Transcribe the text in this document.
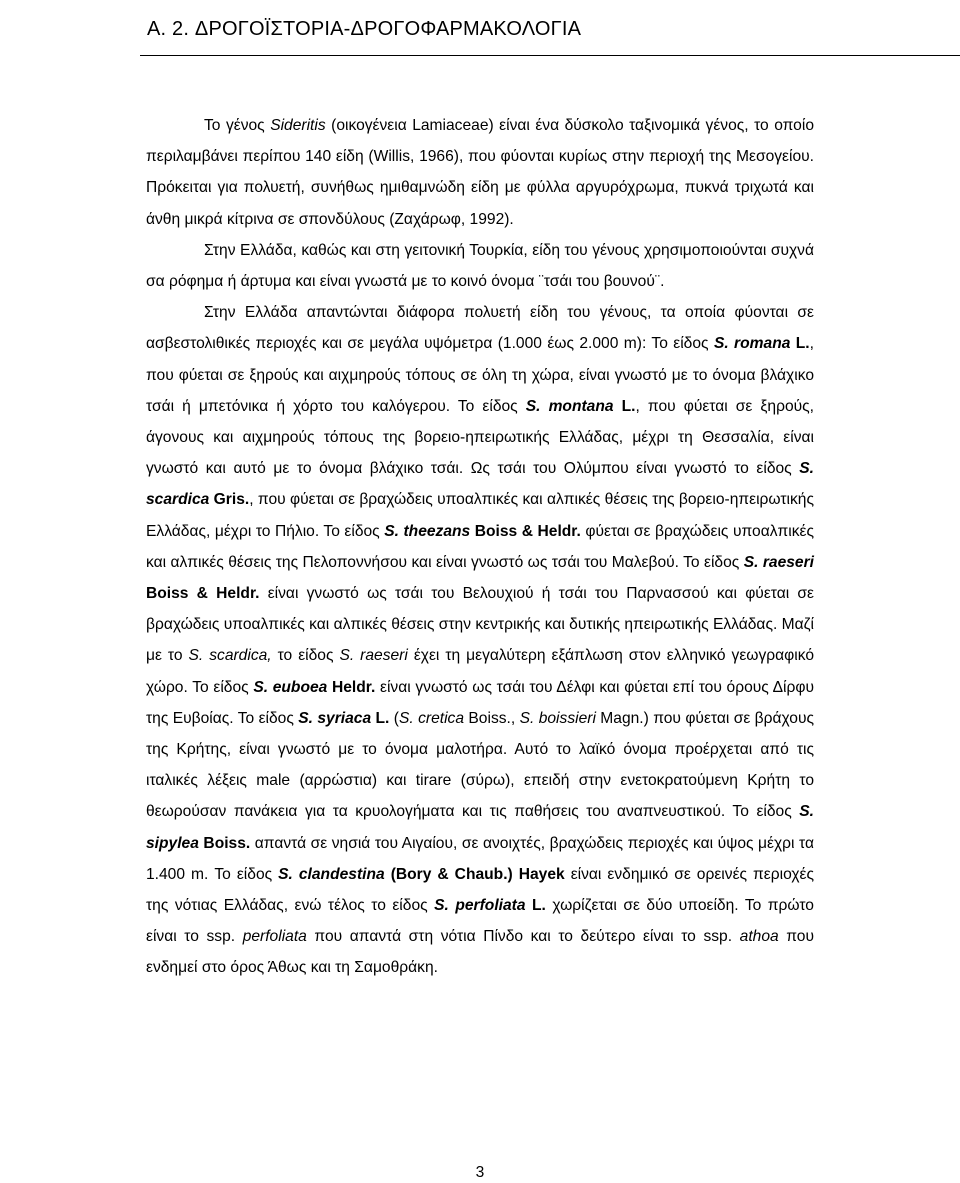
A. 2. ΔΡΟΓΟΪΣΤΟΡΙΑ-ΔΡΟΓΟΦΑΡΜΑΚΟΛΟΓΙΑ

Το γένος Sideritis (οικογένεια Lamiaceae) είναι ένα δύσκολο ταξινομικά γένος, το οποίο περιλαμβάνει περίπου 140 είδη (Willis, 1966), που φύονται κυρίως στην περιοχή της Μεσογείου. Πρόκειται για πολυετή, συνήθως ημιθαμνώδη είδη με φύλλα αργυρόχρωμα, πυκνά τριχωτά και άνθη μικρά κίτρινα σε σπονδύλους (Ζαχάρωφ, 1992).

Στην Ελλάδα, καθώς και στη γειτονική Τουρκία, είδη του γένους χρησιμοποιούνται συχνά σα ρόφημα ή άρτυμα και είναι γνωστά με το κοινό όνομα ¨τσάι του βουνού¨.

Στην Ελλάδα απαντώνται διάφορα πολυετή είδη του γένους, τα οποία φύονται σε ασβεστολιθικές περιοχές και σε μεγάλα υψόμετρα (1.000 έως 2.000 m): Το είδος S. romana L., που φύεται σε ξηρούς και αιχμηρούς τόπους σε όλη τη χώρα, είναι γνωστό με το όνομα βλάχικο τσάι ή μπετόνικα ή χόρτο του καλόγερου. Το είδος S. montana L., που φύεται σε ξηρούς, άγονους και αιχμηρούς τόπους της βορειο-ηπειρωτικής Ελλάδας, μέχρι τη Θεσσαλία, είναι γνωστό και αυτό με το όνομα βλάχικο τσάι. Ως τσάι του Ολύμπου είναι γνωστό το είδος S. scardica Gris., που φύεται σε βραχώδεις υποαλπικές και αλπικές θέσεις της βορειο-ηπειρωτικής Ελλάδας, μέχρι το Πήλιο. Το είδος S. theezans Boiss & Heldr. φύεται σε βραχώδεις υποαλπικές και αλπικές θέσεις της Πελοποννήσου και είναι γνωστό ως τσάι του Μαλεβού. Το είδος S. raeseri Boiss & Heldr. είναι γνωστό ως τσάι του Βελουχιού ή τσάι του Παρνασσού και φύεται σε βραχώδεις υποαλπικές και αλπικές θέσεις στην κεντρικής και δυτικής ηπειρωτικής Ελλάδας. Μαζί με το S. scardica, το είδος S. raeseri έχει τη μεγαλύτερη εξάπλωση στον ελληνικό γεωγραφικό χώρο. Το είδος S. euboea Heldr. είναι γνωστό ως τσάι του Δέλφι και φύεται επί του όρους Δίρφυ της Ευβοίας. Το είδος S. syriaca L. (S. cretica Boiss., S. boissieri Magn.) που φύεται σε βράχους της Κρήτης, είναι γνωστό με το όνομα μαλοτήρα. Αυτό το λαϊκό όνομα προέρχεται από τις ιταλικές λέξεις male (αρρώστια) και tirare (σύρω), επειδή στην ενετοκρατούμενη Κρήτη το θεωρούσαν πανάκεια για τα κρυολογήματα και τις παθήσεις του αναπνευστικού. Το είδος S. sipylea Boiss. απαντά σε νησιά του Αιγαίου, σε ανοιχτές, βραχώδεις περιοχές και ύψος μέχρι τα 1.400 m. Το είδος S. clandestina (Bory & Chaub.) Hayek είναι ενδημικό σε ορεινές περιοχές της νότιας Ελλάδας, ενώ τέλος το είδος S. perfoliata L. χωρίζεται σε δύο υποείδη. Το πρώτο είναι το ssp. perfoliata που απαντά στη νότια Πίνδο και το δεύτερο είναι το ssp. athoa που ενδημεί στο όρος Άθως και τη Σαμοθράκη.

3
